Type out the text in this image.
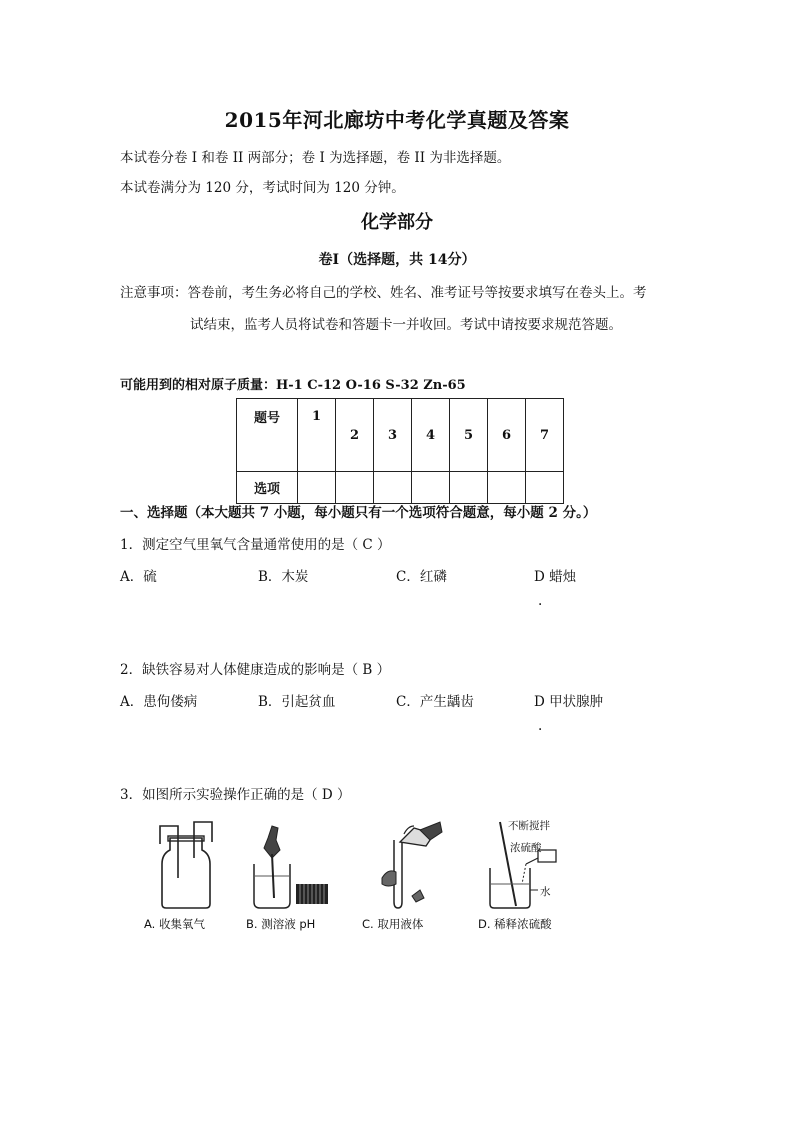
2015年河北廊坊中考化学真题及答案
本试卷分卷 I 和卷 II 两部分；卷 I 为选择题，卷 II 为非选择题。
本试卷满分为 120 分，考试时间为 120 分钟。
化学部分
卷Ⅰ（选择题，共 14分）
注意事项：答卷前，考生务必将自己的学校、姓名、准考证号等按要求填写在卷头上。考
试结束，监考人员将试卷和答题卡一并收回。考试中请按要求规范答题。
可能用到的相对原子质量：H-1 C-12 O-16 S-32 Zn-65
题号	1	2	3	4	5	6	7
选项							
一、选择题（本大题共 7 小题，每小题只有一个选项符合题意，每小题 2 分。）
1．测定空气里氧气含量通常使用的是（ C ）
A．硫	B．木炭	C．红磷	D 蜡烛
.
2．缺铁容易对人体健康造成的影响是（ B ）
A．患佝偻病	B．引起贫血	C．产生龋齿	D 甲状腺肿
.
3．如图所示实验操作正确的是（ D ）
A. 收集氧气	B. 测溶液 pH	C. 取用液体
不断搅拌
浓硫酸
水
D. 稀释浓硫酸
